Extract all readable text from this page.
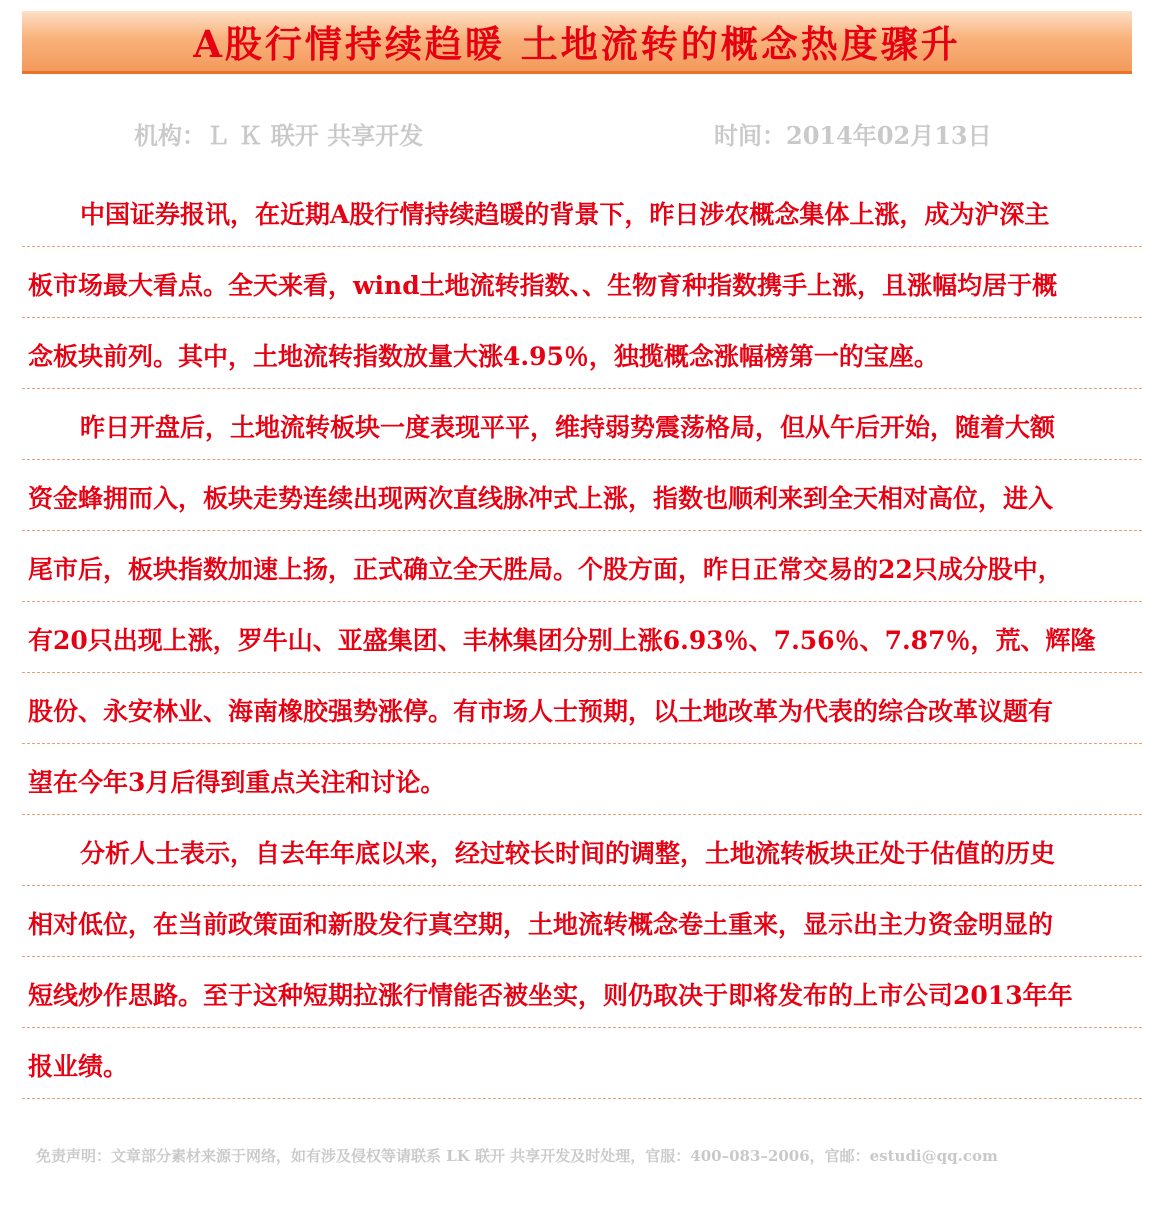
A股行情持续趋暖 土地流转的概念热度骤升
机构：Ｌ Ｋ 联开 共享开发	时间：2014年02月13日
中国证券报讯，在近期A股行情持续趋暖的背景下，昨日涉农概念集体上涨，成为沪深主
板市场最大看点。全天来看，wind土地流转指数、、生物育种指数携手上涨，且涨幅均居于概
念板块前列。其中，土地流转指数放量大涨4.95％，独揽概念涨幅榜第一的宝座。
昨日开盘后，土地流转板块一度表现平平，维持弱势震荡格局，但从午后开始，随着大额
资金蜂拥而入，板块走势连续出现两次直线脉冲式上涨，指数也顺利来到全天相对高位，进入
尾市后，板块指数加速上扬，正式确立全天胜局。个股方面，昨日正常交易的22只成分股中，
有20只出现上涨，罗牛山、亚盛集团、丰林集团分别上涨6.93％、7.56％、7.87％，荒、辉隆
股份、永安林业、海南橡胶强势涨停。有市场人士预期，以土地改革为代表的综合改革议题有
望在今年3月后得到重点关注和讨论。
分析人士表示，自去年年底以来，经过较长时间的调整，土地流转板块正处于估值的历史
相对低位，在当前政策面和新股发行真空期，土地流转概念卷土重来，显示出主力资金明显的
短线炒作思路。至于这种短期拉涨行情能否被坐实，则仍取决于即将发布的上市公司2013年年
报业绩。
免责声明：文章部分素材来源于网络，如有涉及侵权等请联系 LK 联开 共享开发及时处理，官服：400–083–2006，官邮：estudi@qq.com
